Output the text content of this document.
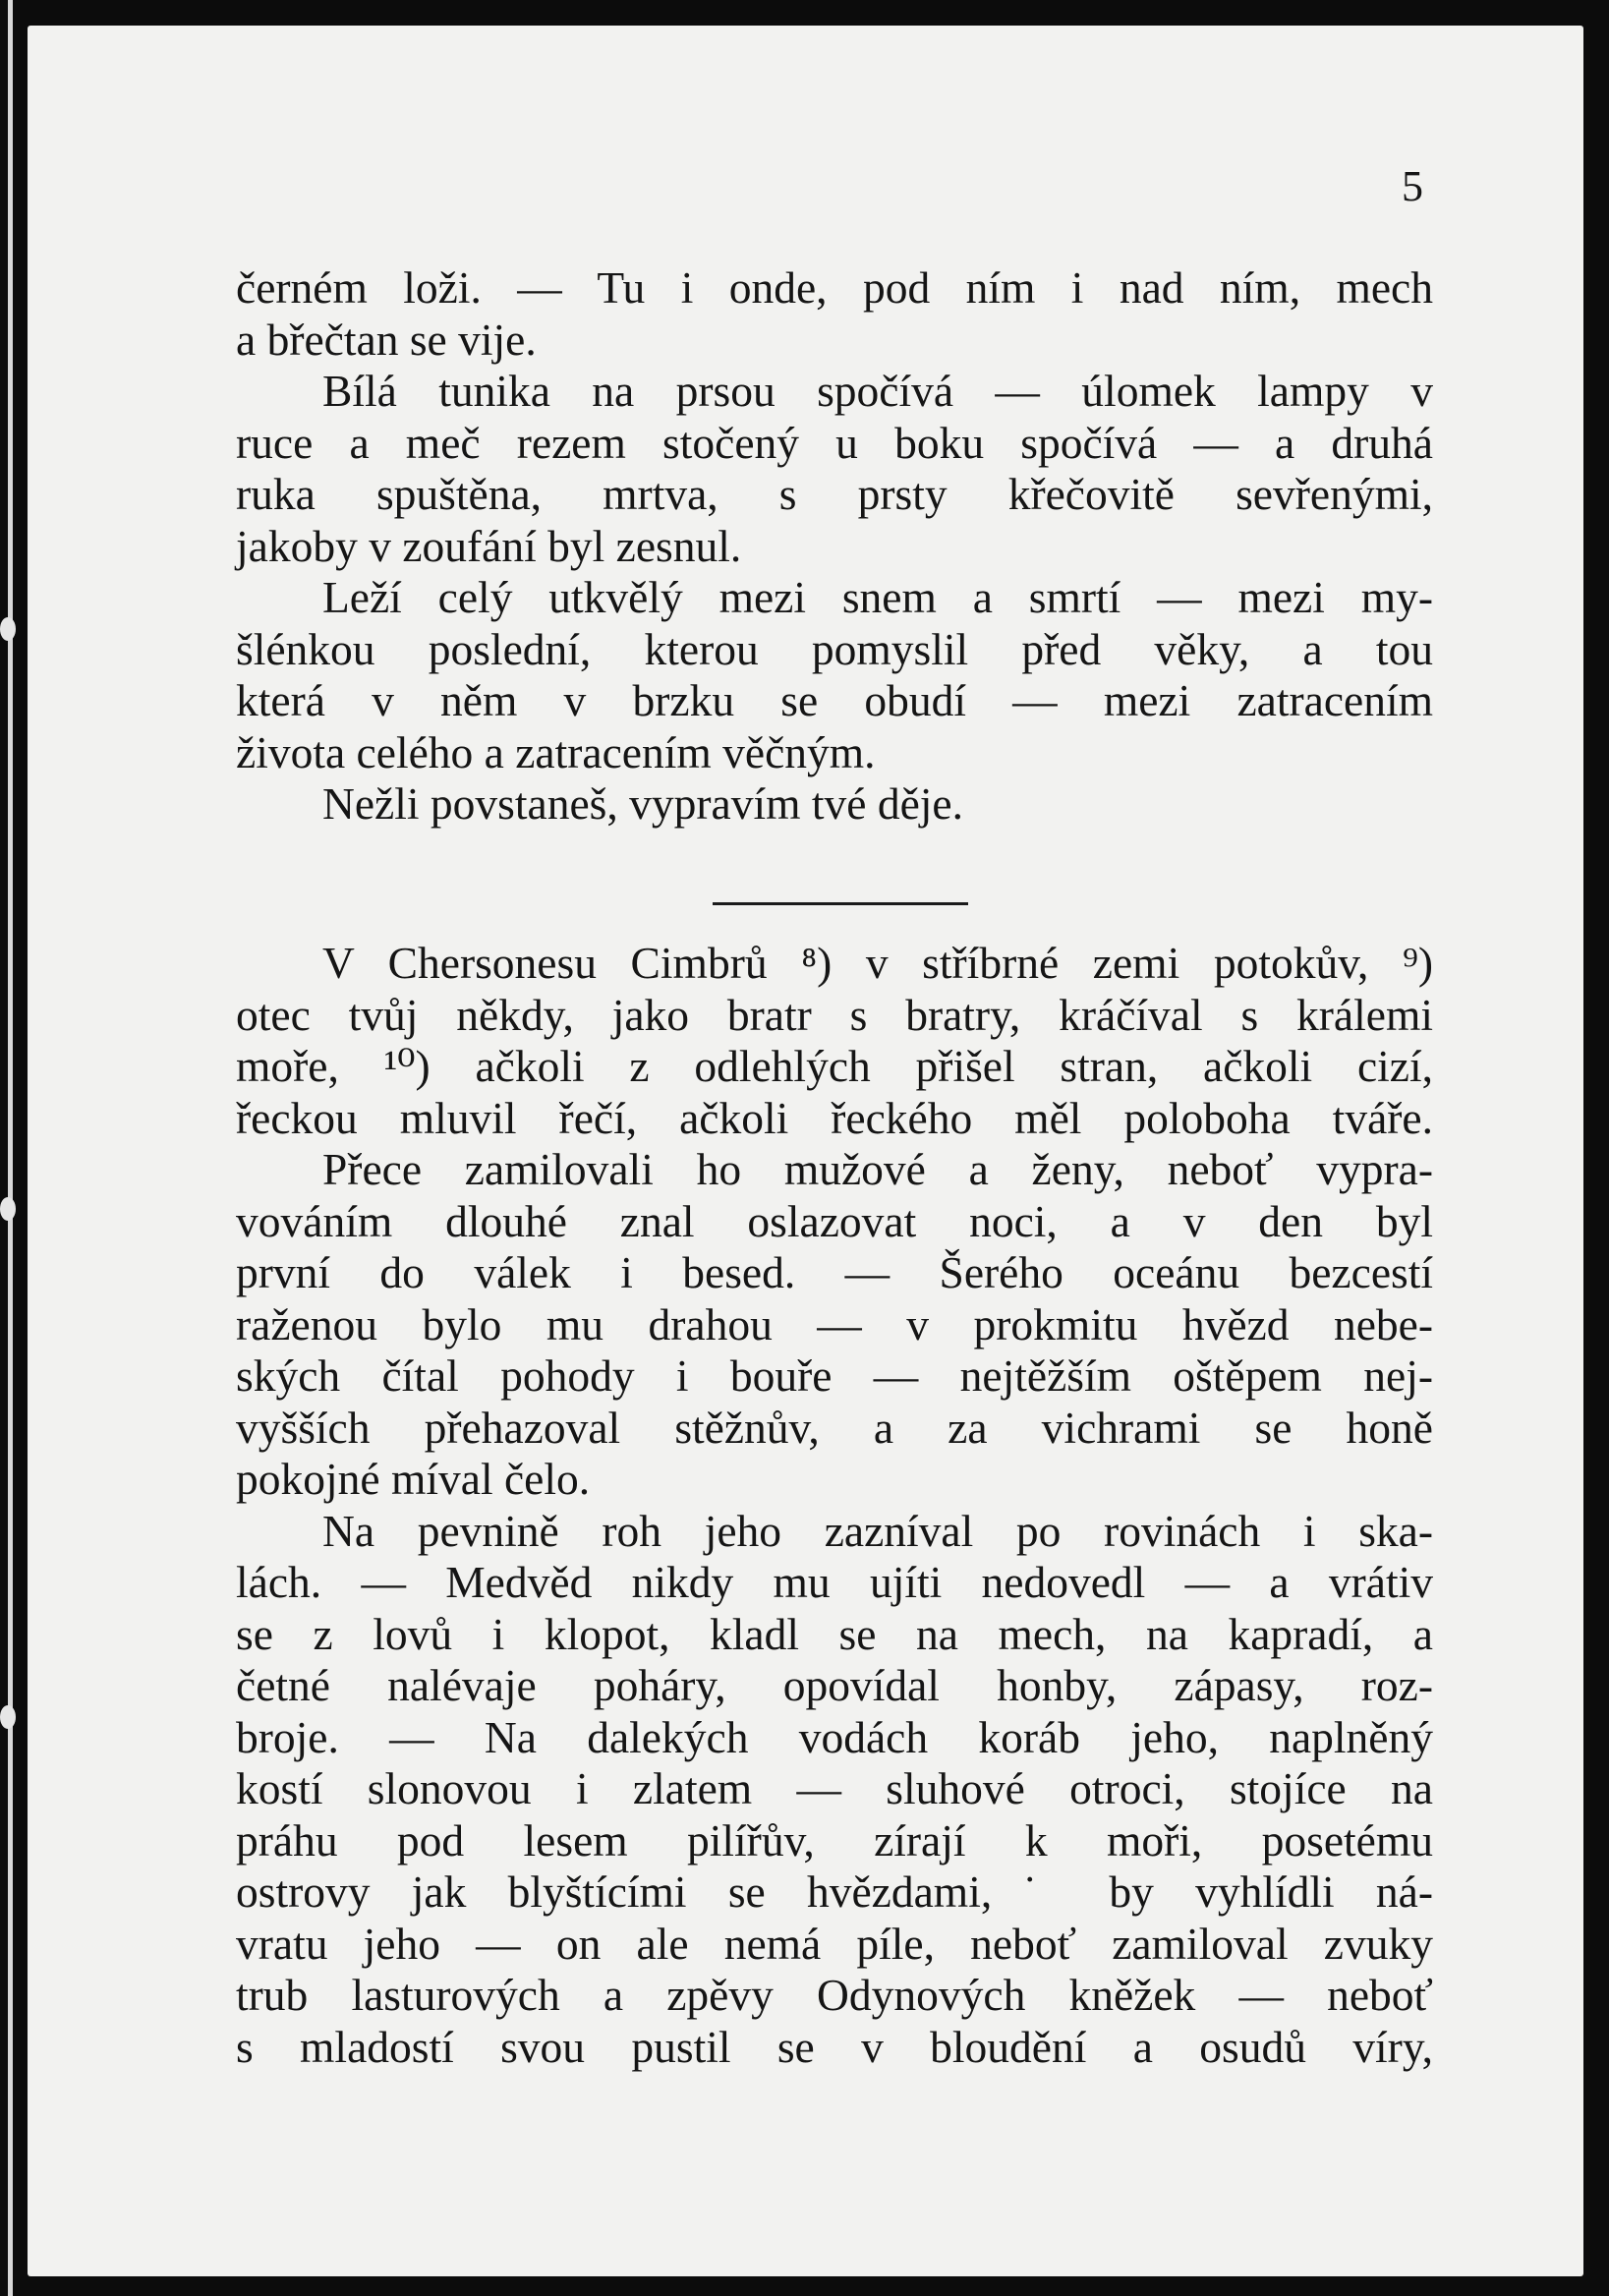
5
černém loži. — Tu i onde, pod ním i nad ním, mech
a břečtan se vije.
Bílá tunika na prsou spočívá — úlomek lampy v
ruce a meč rezem stočený u boku spočívá — a druhá
ruka spuštěna, mrtva, s prsty křečovitě sevřenými,
jakoby v zoufání byl zesnul.
Leží celý utkvělý mezi snem a smrtí — mezi my-
šlénkou poslední, kterou pomyslil před věky, a tou
která v něm v brzku se obudí — mezi zatracením
života celého a zatracením věčným.
Nežli povstaneš, vypravím tvé děje.
V Chersonesu Cimbrů ⁸) v stříbrné zemi potokův, ⁹)
otec tvůj někdy, jako bratr s bratry, kráčíval s králemi
moře, ¹⁰) ačkoli z odlehlých přišel stran, ačkoli cizí,
řeckou mluvil řečí, ačkoli řeckého měl poloboha tváře.
Přece zamilovali ho mužové a ženy, neboť vypra-
vováním dlouhé znal oslazovat noci, a v den byl
první do válek i besed. — Šerého oceánu bezcestí
raženou bylo mu drahou — v prokmitu hvězd nebe-
ských čítal pohody i bouře — nejtěžším oštěpem nej-
vyšších přehazoval stěžnův, a za vichrami se honě
pokojné míval čelo.
Na pevnině roh jeho zazníval po rovinách i ska-
lách. — Medvěd nikdy mu ujíti nedovedl — a vrátiv
se z lovů i klopot, kladl se na mech, na kapradí, a
četné nalévaje poháry, opovídal honby, zápasy, roz-
broje. — Na dalekých vodách koráb jeho, naplněný
kostí slonovou i zlatem — sluhové otroci, stojíce na
práhu pod lesem pilířův, zírají k moři, posetému
ostrovy jak blyštícími se hvězdami,˙ by vyhlídli ná-
vratu jeho — on ale nemá píle, neboť zamiloval zvuky
trub lasturových a zpěvy Odynových kněžek — neboť
s mladostí svou pustil se v bloudění a osudů víry,
